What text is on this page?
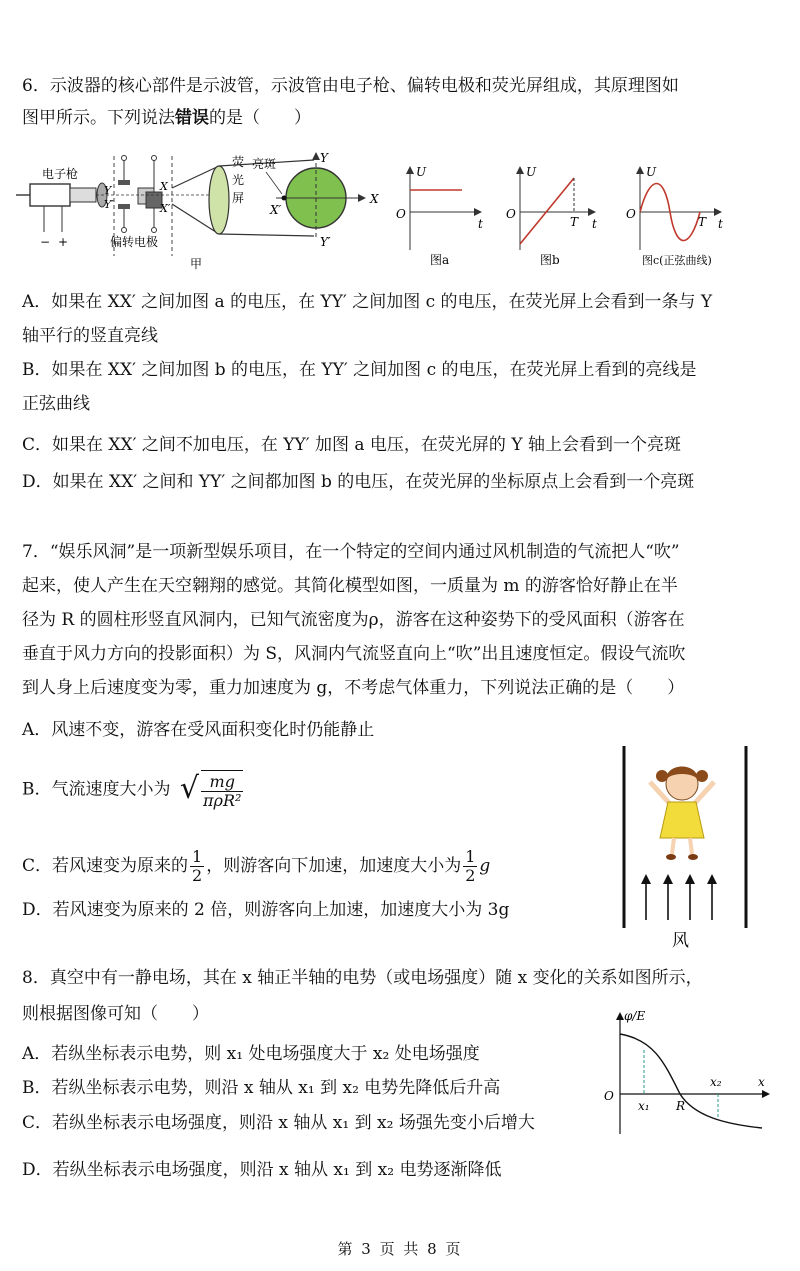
6．示波器的核心部件是示波管，示波管由电子枪、偏转电极和荧光屏组成，其原理图如
图甲所示。下列说法错误的是（　　）
电子枪
− +
Y
Y′
X
X′
偏转电极
荧
光
屏
亮斑	Y
Y′
X
X′
甲
U
t
O
图a
U
t
O
T
图b
U
t
O
T
图c(正弦曲线)
A．如果在 XX′ 之间加图 a 的电压，在 YY′ 之间加图 c 的电压，在荧光屏上会看到一条与 Y
轴平行的竖直亮线
B．如果在 XX′ 之间加图 b 的电压，在 YY′ 之间加图 c 的电压，在荧光屏上看到的亮线是
正弦曲线
C．如果在 XX′ 之间不加电压，在 YY′ 加图 a 电压，在荧光屏的 Y 轴上会看到一个亮斑
D．如果在 XX′ 之间和 YY′ 之间都加图 b 的电压，在荧光屏的坐标原点上会看到一个亮斑
7．“娱乐风洞”是一项新型娱乐项目，在一个特定的空间内通过风机制造的气流把人“吹”
起来，使人产生在天空翱翔的感觉。其简化模型如图，一质量为 m 的游客恰好静止在半
径为 R 的圆柱形竖直风洞内，已知气流密度为ρ，游客在这种姿势下的受风面积（游客在
垂直于风力方向的投影面积）为 S，风洞内气流竖直向上“吹”出且速度恒定。假设气流吹
到人身上后速度变为零，重力加速度为 g，不考虑气体重力，下列说法正确的是（　　）
A．风速不变，游客在受风面积变化时仍能静止
B．气流速度大小为 √ $\frac{mg}{\text{πρR²}}$
C．若风速变为原来的 $\frac{1}{2}$ ，则游客向下加速，加速度大小为 $\frac{1}{2}$ g
D．若风速变为原来的 2 倍，则游客向上加速，加速度大小为 3g
风
8．真空中有一静电场，其在 x 轴正半轴的电势（或电场强度）随 x 变化的关系如图所示，
则根据图像可知（　　）
A．若纵坐标表示电势，则 x₁ 处电场强度大于 x₂ 处电场强度
B．若纵坐标表示电势，则沿 x 轴从 x₁ 到 x₂ 电势先降低后升高
C．若纵坐标表示电场强度，则沿 x 轴从 x₁ 到 x₂ 场强先变小后增大
D．若纵坐标表示电场强度，则沿 x 轴从 x₁ 到 x₂ 电势逐渐降低
φ/E
x
O
x₁ R
x₂
第 3 页 共 8 页
